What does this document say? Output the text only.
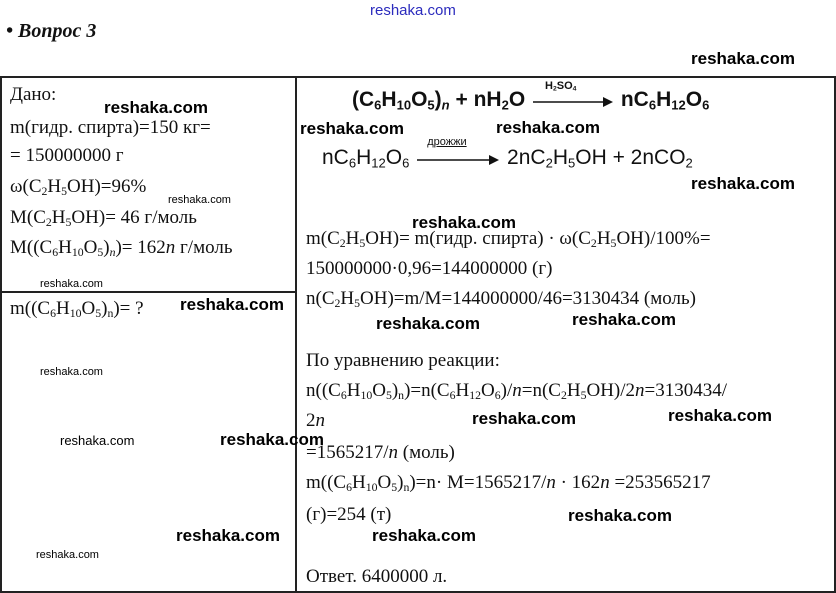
reshaka.com
• Вопрос 3
Дано:
m(гидр. спирта)=150 кг=
= 150000000 г
$\omega(C_2H_5OH)=96\%$
$M(C_2H_5OH)= 46$ г/моль
$M((C_6H_{10}O_5)_n)= 162n$ г/моль
$m((C_6H_{10}O_5)_n)=$ ?
$(C_6H_{10}O_5)_n + nH_2O$
$H_2SO_4$ $nC_6H_{12}O_6$
$nC_6H_{12}O_6$
дрожжи
$2nC_2H_5OH + 2nCO_2$
$m(C_2H_5OH)=$ m(гидр. спирта) · $\omega(C_2H_5OH)/100\%=$
150000000·0,96=144000000 (г)
$n(C_2H_5OH)=m/M=144000000/46=3130434$ (моль)
По уравнению реакции:
$n((C_6H_{10}O_5)_n)=n(C_6H_{12}O_6)/n=n(C_2H_5OH)/2n=3130434/$
2n
=1565217/n (моль)
$m((C_6H_{10}O_5)_n)=n\cdot M=1565217/n \cdot 162n =253565217$
(г)=254 (т)
Ответ. 6400000 л.
reshaka.com
reshaka.com
reshaka.com	reshaka.com
reshaka.com
reshaka.com
reshaka.com
reshaka.com
reshaka.com
reshaka.com
reshaka.com
reshaka.com
reshaka.com
reshaka.com
reshaka.com	reshaka.com
reshaka.com
reshaka.com	reshaka.com
reshaka.com
